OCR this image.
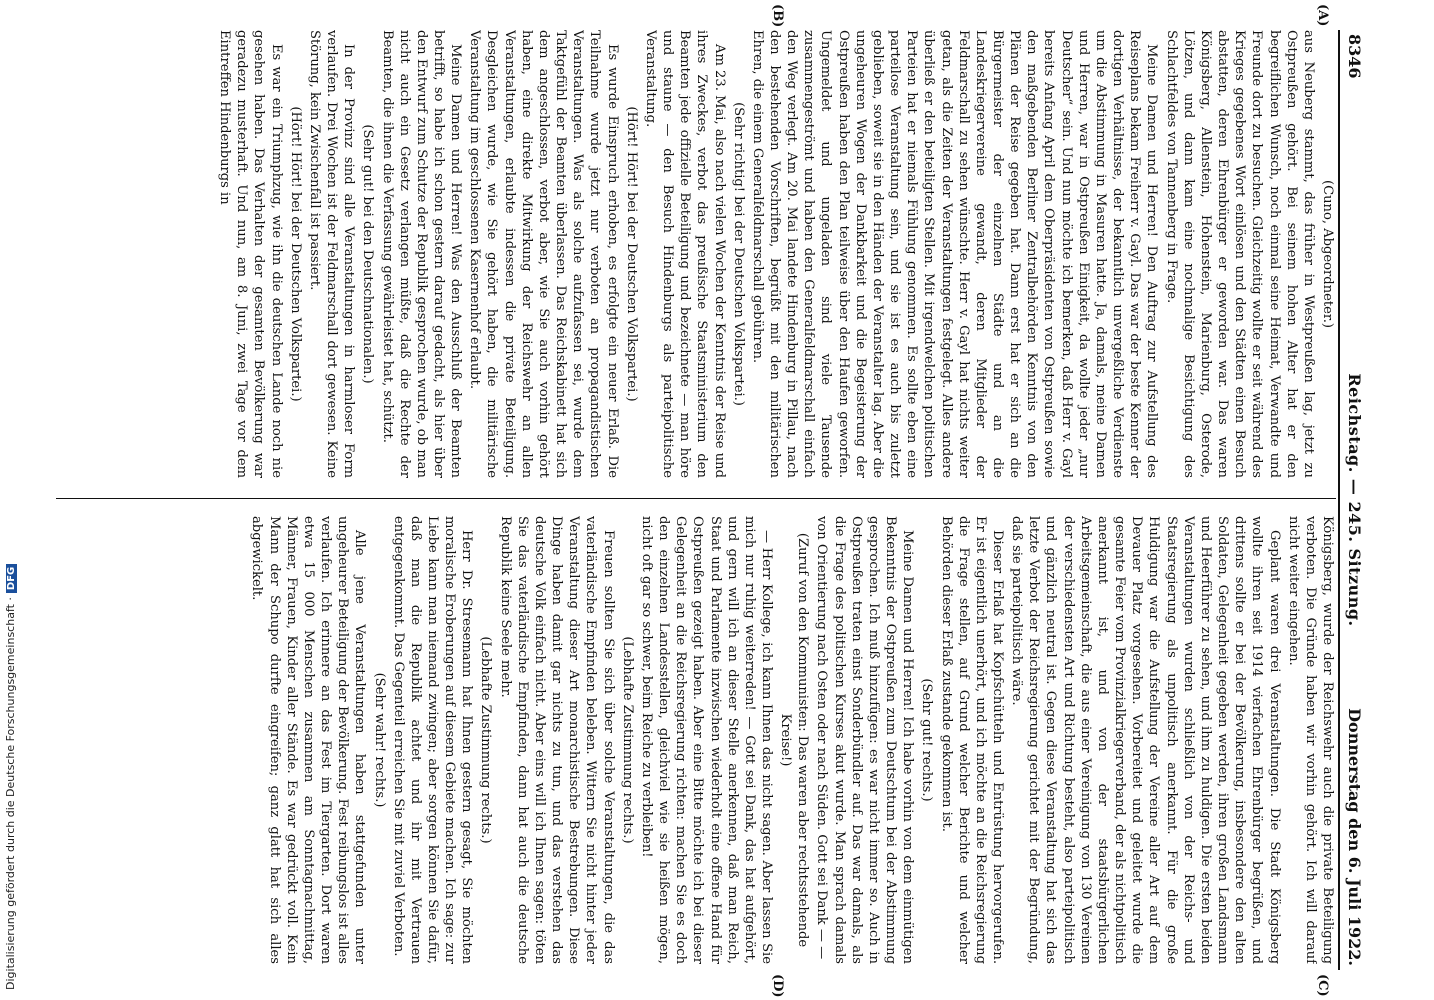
8346
Reichstag. — 245. Sitzung.
Donnerstag den 6. Juli 1922.
(A)
(B)
(C)
(D)

(Cuno, Abgeordneter.)

aus Neuberg stammt, das früher in Westpreußen lag, jetzt zu Ostpreußen gehört. Bei seinem hohen Alter hat er den begreiflichen Wunsch, noch einmal seine Heimat, Verwandte und Freunde dort zu besuchen. Gleichzeitig wollte er seit während des Krieges gegebenes Wort einlösen und den Städten einen Besuch abstatten, deren Ehrenbürger er geworden war. Das waren Königsberg, Allenstein, Hohenstein, Marienburg, Osterode, Lötzen, und dann kam eine nochmalige Besichtigung des Schlachtfeldes von Tannenberg in Frage.

Meine Damen und Herren! Den Auftrag zur Aufstellung des Reiseplans bekam Freiherr v. Gayl. Das war der beste Kenner der dortigen Verhältnisse, der bekanntlich unvergeßliche Verdienste um die Abstimmung in Masuren hatte. Ja, damals, meine Damen und Herren, war in Ostpreußen Einigkeit, da wollte jeder „nur Deutscher“ sein. Und nun möchte ich bemerken, daß Herr v. Gayl bereits Anfang April dem Oberpräsidenten von Ostpreußen sowie den maßgebenden Berliner Zentralbehörden Kenntnis von den Plänen der Reise gegeben hat. Dann erst hat er sich an die Bürgermeister der einzelnen Städte und an die Landeskriegervereine gewandt, deren Mitglieder der Feldmarschall zu sehen wünschte. Herr v. Gayl hat nichts weiter getan, als die Zeiten der Veranstaltungen festgelegt. Alles andere überließ er den beteiligten Stellen. Mit irgendwelchen politischen Parteien hat er niemals Fühlung genommen. Es sollte eben eine parteilose Veranstaltung sein, und sie ist es auch bis zuletzt geblieben, soweit sie in den Händen der Veranstalter lag. Aber die ungeheuren Wogen der Dankbarkeit und die Begeisterung der Ostpreußen haben den Plan teilweise über den Haufen geworfen. Ungemeldet und ungeladen sind viele Tausende zusammengeströmt und haben den Generalfeldmarschall einfach den Weg verlegt. Am 20. Mai landete Hindenburg in Pillau, nach den bestehenden Vorschriften, begrüßt mit den militärischen Ehren, die einem Generalfeldmarschall gebühren.

(Sehr richtig! bei der Deutschen Volkspartei.)

Am 23. Mai, also nach vielen Wochen der Kenntnis der Reise und ihres Zweckes, verbot das preußische Staatsministerium den Beamten jede offizielle Beteiligung und bezeichnete — man höre und staune — den Besuch Hindenburgs als parteipolitische Veranstaltung.

(Hört! Hört! bei der Deutschen Volkspartei.)

Es wurde Einspruch erhoben, es erfolgte ein neuer Erlaß. Die Teilnahme wurde jetzt nur verboten an propagandistischen Veranstaltungen. Was als solche aufzufassen sei, wurde dem Taktgefühl der Beamten überlassen. Das Reichskabinett hat sich dem angeschlossen, verbot aber, wie Sie auch vorhin gehört haben, eine direkte Mitwirkung der Reichswehr an allen Veranstaltungen, erlaubte indessen die private Beteiligung. Desgleichen wurde, wie Sie gehört haben, die militärische Veranstaltung im geschlossenen Kasernenhof erlaubt.

Meine Damen und Herren! Was den Ausschluß der Beamten betrifft, so habe ich schon gestern darauf gedacht, als hier über den Entwurf zum Schutze der Republik gesprochen wurde, ob man nicht auch ein Gesetz verlangen müßte, daß die Rechte der Beamten, die ihnen die Verfassung gewährleistet hat, schützt.

(Sehr gut! bei den Deutschnationalen.)

In der Provinz sind alle Veranstaltungen in harmloser Form verlaufen. Drei Wochen ist der Feldmarschall dort gewesen. Keine Störung, kein Zwischenfall ist passiert.

(Hört! Hört! bei der Deutschen Volkspartei.)

Es war ein Triumphzug, wie ihn die deutschen Lande noch nie gesehen haben. Das Verhalten der gesamten Bevölkerung war geradezu musterhaft. Und nun, am 8. Juni, zwei Tage vor dem Eintreffen Hindenburgs in

Königsberg, wurde der Reichswehr auch die private Beteiligung verboten. Die Gründe haben wir vorhin gehört. Ich will darauf nicht weiter eingehen.

Geplant waren drei Veranstaltungen. Die Stadt Königsberg wollte ihren seit 1914 vierfachen Ehrenbürger begrüßen, und drittens sollte er bei der Bevölkerung, insbesondere den alten Soldaten, Gelegenheit gegeben werden, ihren großen Landsmann und Heerführer zu sehen, und ihm zu huldigen. Die ersten beiden Veranstaltungen wurden schließlich von der Reichs- und Staatsregierung als unpolitisch anerkannt. Für die große Huldigung war die Aufstellung der Vereine aller Art auf dem Devauer Platz vorgesehen. Vorbereitet und geleitet wurde die gesamte Feier vom Provinzialkriegerverband, der als nichtpolitisch anerkannt ist, und von der staatsbürgerlichen Arbeitsgemeinschaft, die aus einer Vereinigung von 130 Vereinen der verschiedensten Art und Richtung besteht, also parteipolitisch und gänzlich neutral ist. Gegen diese Veranstaltung hat sich das letzte Verbot der Reichsregierung gerichtet mit der Begründung, daß sie parteipolitisch wäre.

Dieser Erlaß hat Kopfschütteln und Entrüstung hervorgerufen. Er ist eigentlich unerhört, und ich möchte an die Reichsregierung die Frage stellen, auf Grund welcher Berichte und welcher Behörden dieser Erlaß zustande gekommen ist.

(Sehr gut! rechts.)

Meine Damen und Herren! Ich habe vorhin von dem einmütigen Bekenntnis der Ostpreußen zum Deutschtum bei der Abstimmung gesprochen. Ich muß hinzufügen: es war nicht immer so. Auch in Ostpreußen traten einst Sonderbündler auf. Das war damals, als die Frage des politischen Kurses akut wurde. Man sprach damals von Orientierung nach Osten oder nach Süden. Gott sei Dank — —

(Zuruf von den Kommunisten: Das waren aber rechtsstehende Kreise!)

— Herr Kollege, ich kann Ihnen das nicht sagen. Aber lassen Sie mich nur ruhig weiterreden! — Gott sei Dank, das hat aufgehört, und gern will ich an dieser Stelle anerkennen, daß man Reich, Staat und Parlamente inzwischen wiederholt eine offene Hand für Ostpreußen gezeigt haben. Aber eine Bitte möchte ich bei dieser Gelegenheit an die Reichsregierung richten: machen Sie es doch den einzelnen Landesstellen, gleichviel wie sie heißen mögen, nicht oft gar so schwer, beim Reiche zu verbleiben!

(Lebhafte Zustimmung rechts.)

Freuen sollten Sie sich über solche Veranstaltungen, die das vaterländische Empfinden beleben. Wittern Sie nicht hinter jeder Veranstaltung dieser Art monarchistische Bestrebungen. Diese Dinge haben damit gar nichts zu tun, und das verstehen das deutsche Volk einfach nicht. Aber eins will ich Ihnen sagen: töten Sie das vaterländische Empfinden, dann hat auch die deutsche Republik keine Seele mehr.

(Lebhafte Zustimmung rechts.)

Herr Dr. Stresemann hat Ihnen gestern gesagt, Sie möchten moralische Eroberungen auf diesem Gebiete machen. Ich sage: zur Liebe kann man niemand zwingen; aber sorgen können Sie dafür, daß man die Republik achtet und ihr mit Vertrauen entgegenkommt. Das Gegenteil erreichen Sie mit zuviel Verboten.

(Sehr wahr! rechts.)

Alle jene Veranstaltungen haben stattgefunden unter ungeheurer Beteiligung der Bevölkerung. Fest reibungslos ist alles verlaufen. Ich erinnere an das Fest im Tiergarten. Dort waren etwa 15 000 Menschen zusammen am Sonntagnachmittag, Männer, Frauen, Kinder aller Stände. Es war gedrückt voll. Kein Mann der Schupo durfte eingreifen; ganz glatt hat sich alles abgewickelt.

Digitalisierung gefördert durch die Deutsche Forschungsgemeinschaft ·DFG
